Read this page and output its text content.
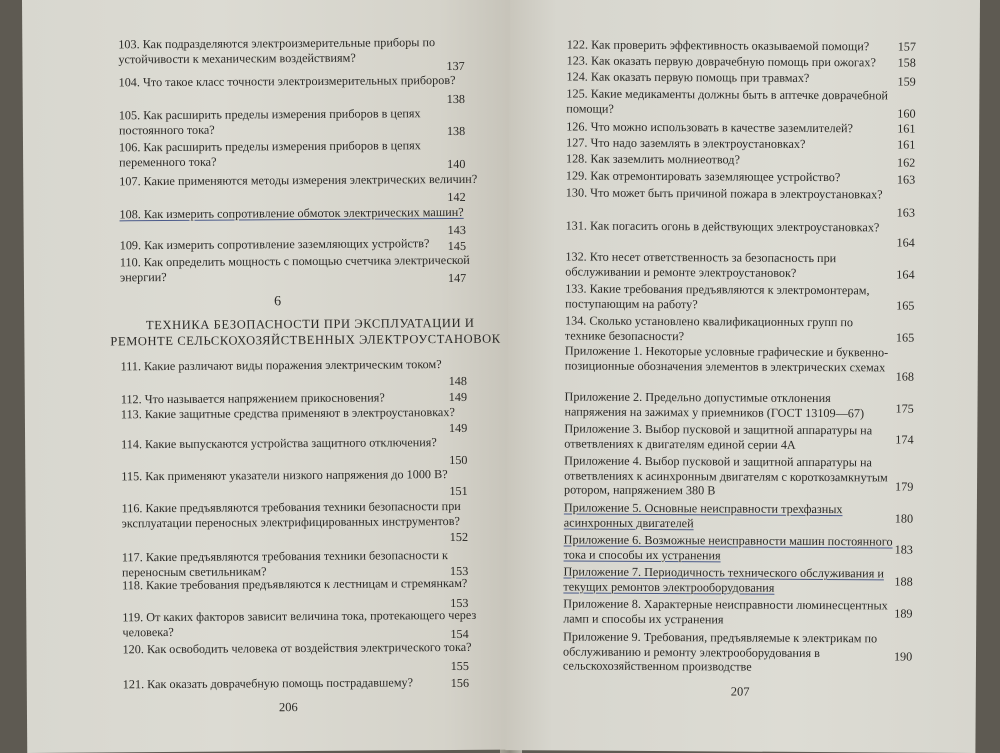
103. Как подразделяются электроизмерительные приборы по устойчивости к механическим воздействиям?
137
104. Что такое класс точности электроизмерительных приборов?
138
105. Как расширить пределы измерения приборов в цепях постоянного тока?	138
106. Как расширить пределы измерения приборов в цепях переменного тока?	140
107. Какие применяются методы измерения электрических величин?
142
108. Как измерить сопротивление обмоток электрических машин?
143
109. Как измерить сопротивление заземляющих устройств?	145
110. Как определить мощность с помощью счетчика электрической энергии?	147
6
ТЕХНИКА БЕЗОПАСНОСТИ ПРИ ЭКСПЛУАТАЦИИ И
РЕМОНТЕ СЕЛЬСКОХОЗЯЙСТВЕННЫХ ЭЛЕКТРОУСТАНОВОК
111. Какие различают виды поражения электрическим током?
148
112. Что называется напряжением прикосновения?	149
113. Какие защитные средства применяют в электроустановках?
149
114. Какие выпускаются устройства защитного отключения?
150
115. Как применяют указатели низкого напряжения до 1000 В?
151
116. Какие предъявляются требования техники безопасности при эксплуатации переносных электрифицированных инструментов?
152
117. Какие предъявляются требования техники безопасности к переносным светильникам?	153
118. Какие требования предъявляются к лестницам и стремянкам?
153
119. От каких факторов зависит величина тока, протекающего через человека?	154
120. Как освободить человека от воздействия электрического тока?
155
121. Как оказать доврачебную помощь пострадавшему?	156
206
122. Как проверить эффективность оказываемой помощи?	157
123. Как оказать первую доврачебную помощь при ожогах?	158
124. Как оказать первую помощь при травмах?	159
125. Какие медикаменты должны быть в аптечке доврачебной помощи?	160
126. Что можно использовать в качестве заземлителей?	161
127. Что надо заземлять в электроустановках?	161
128. Как заземлить молниеотвод?	162
129. Как отремонтировать заземляющее устройство?	163
130. Что может быть причиной пожара в электроустановках?
163
131. Как погасить огонь в действующих электроустановках?
164
132. Кто несет ответственность за безопасность при обслуживании и ремонте электроустановок?	164
133. Какие требования предъявляются к электромонтерам, поступающим на работу?	165
134. Сколько установлено квалификационных групп по технике безопасности?	165
Приложение 1. Некоторые условные графические и буквенно-позиционные обозначения элементов в электрических схемах
168
Приложение 2. Предельно допустимые отклонения напряжения на зажимах у приемников (ГОСТ 13109—67)	175
Приложение 3. Выбор пусковой и защитной аппаратуры на ответвлениях к двигателям единой серии 4А	174
Приложение 4. Выбор пусковой и защитной аппаратуры на ответвлениях к асинхронным двигателям с короткозамкнутым ротором, напряжением 380 В	179
Приложение 5. Основные неисправности трехфазных асинхронных двигателей	180
Приложение 6. Возможные неисправности машин постоянного тока и способы их устранения	183
Приложение 7. Периодичность технического обслуживания и текущих ремонтов электрооборудования	188
Приложение 8. Характерные неисправности люминесцентных ламп и способы их устранения	189
Приложение 9. Требования, предъявляемые к электрикам по обслуживанию и ремонту электрооборудования в сельскохозяйственном производстве
190
207
